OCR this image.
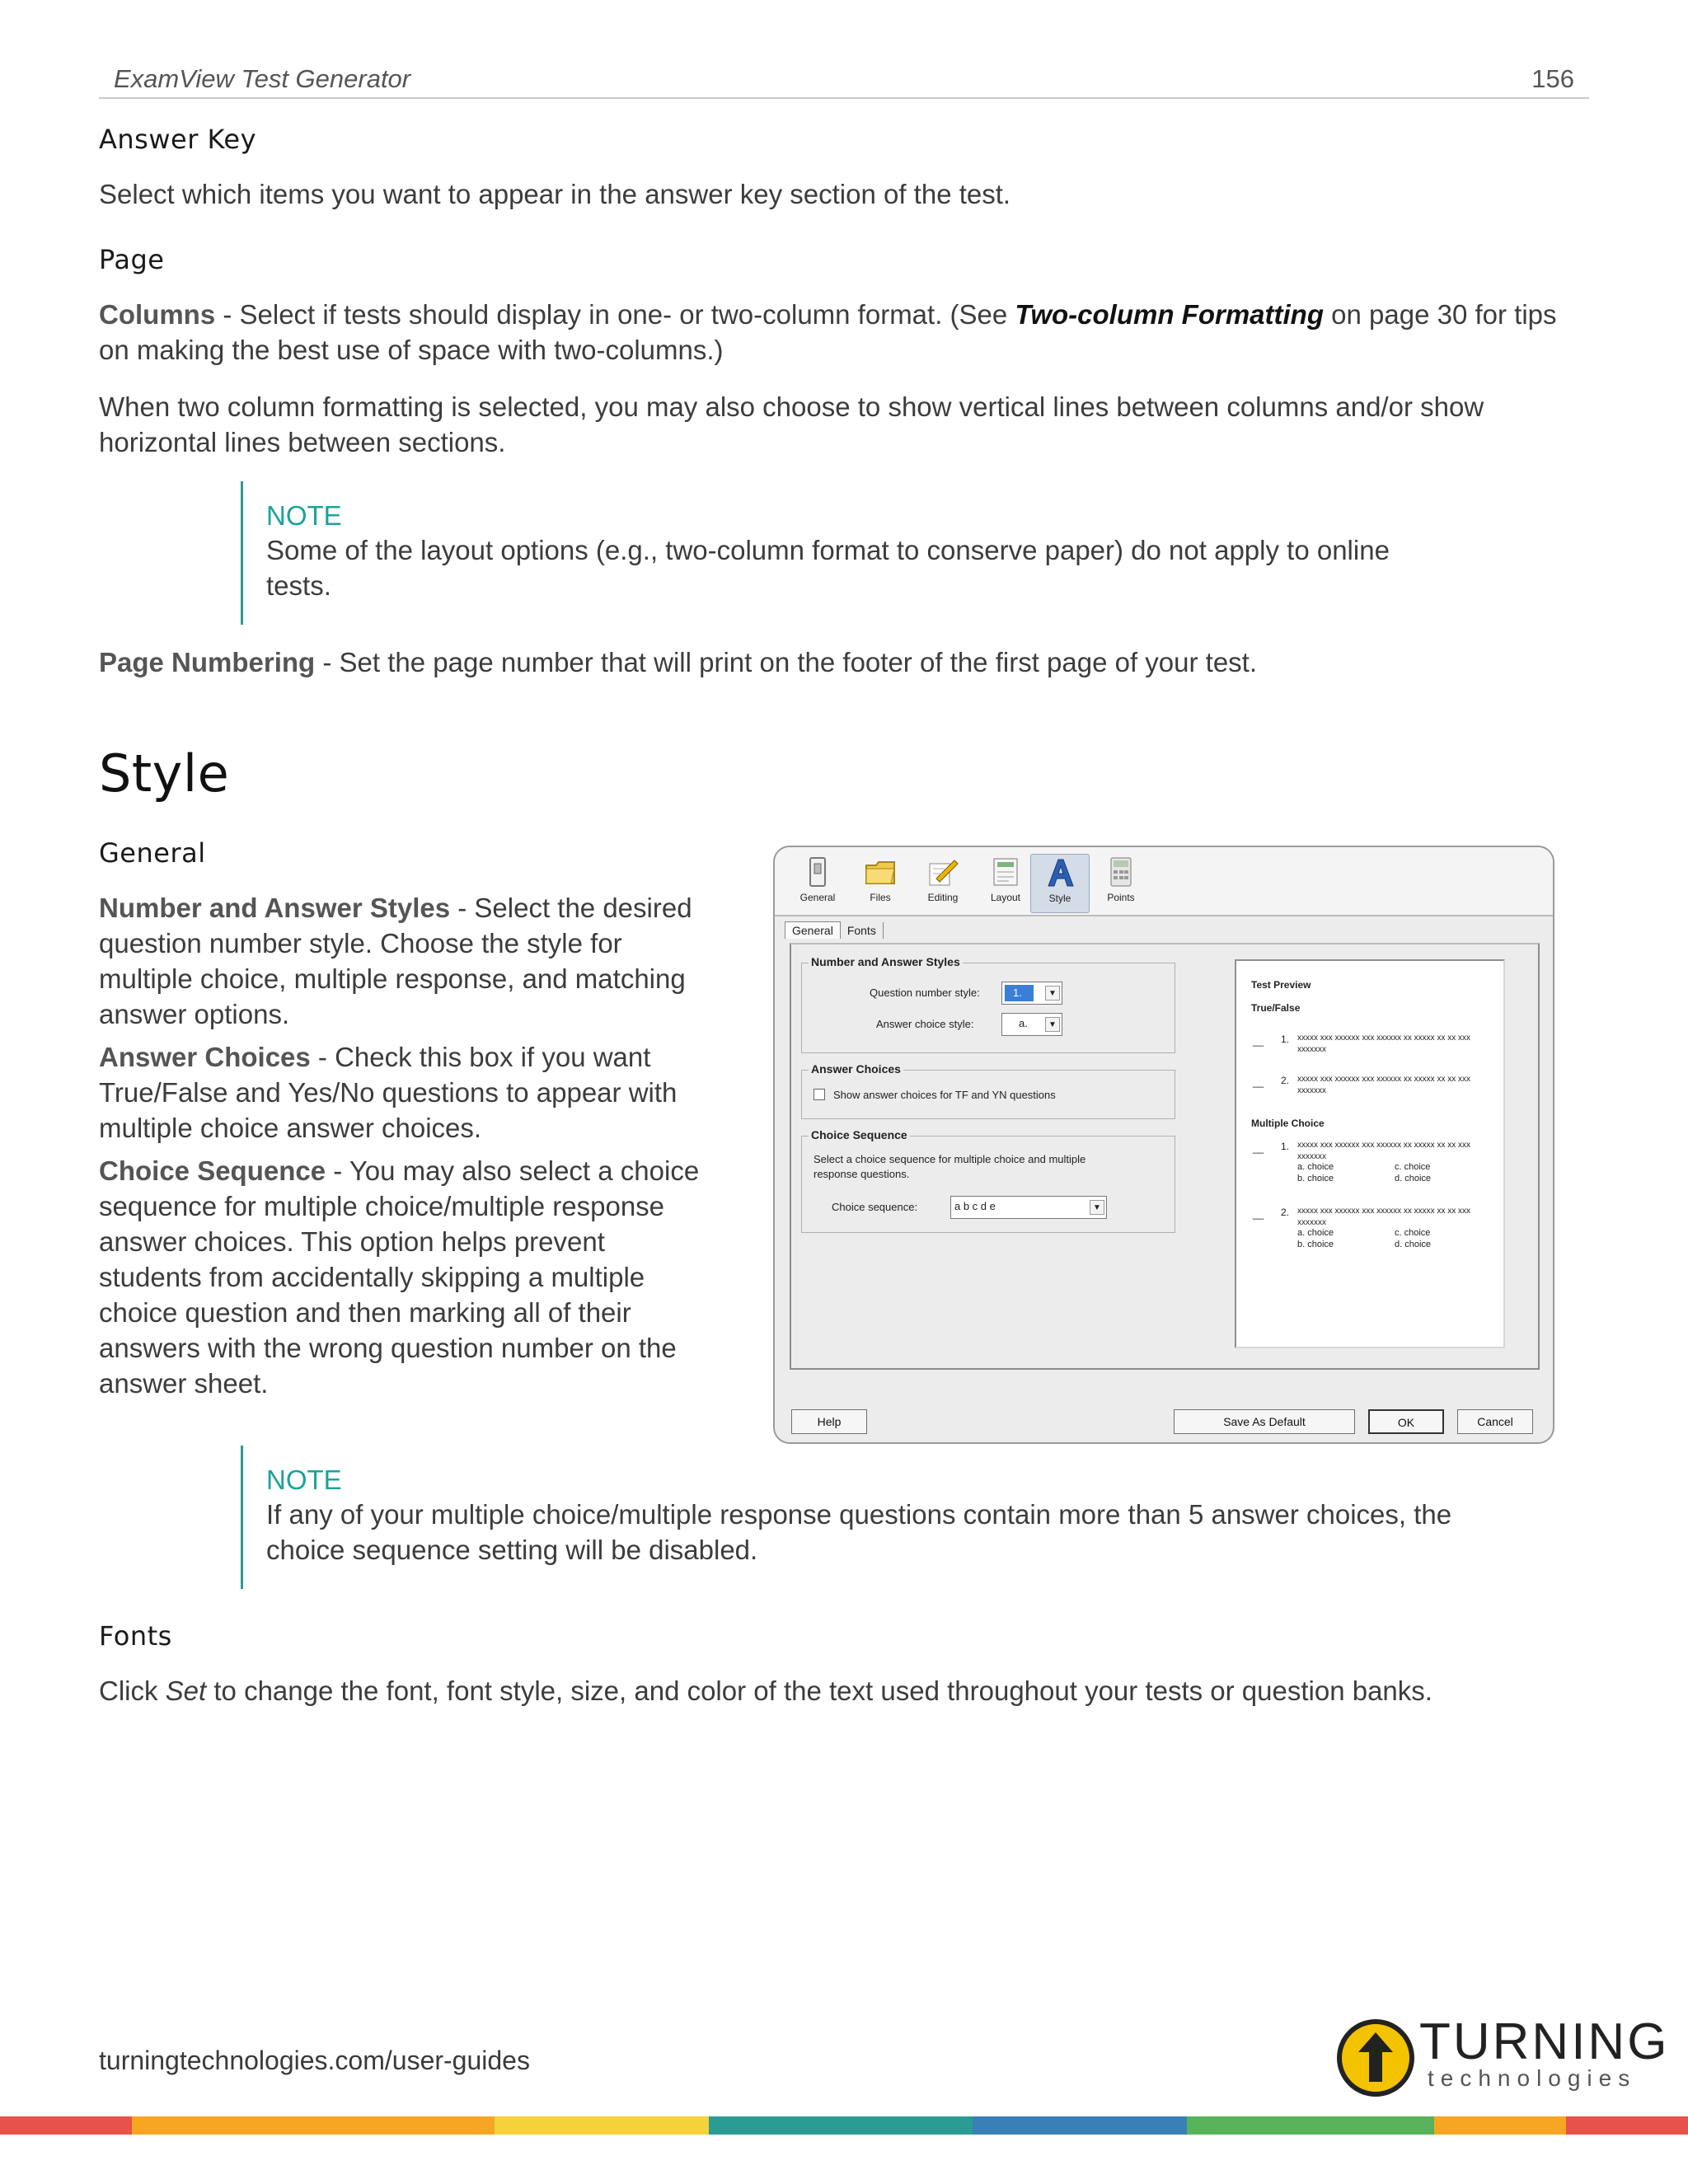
ExamView Test Generator	156
Answer Key

Select which items you want to appear in the answer key section of the test.

Page

Columns - Select if tests should display in one- or two-column format. (See Two-column Formatting on page 30 for tips on making the best use of space with two-columns.)

When two column formatting is selected, you may also choose to show vertical lines between columns and/or show horizontal lines between sections.

NOTE
Some of the layout options (e.g., two-column format to conserve paper) do not apply to online tests.

Page Numbering - Set the page number that will print on the footer of the first page of your test.

Style
General

Number and Answer Styles - Select the desired question number style. Choose the style for multiple choice, multiple response, and matching answer options.

Answer Choices - Check this box if you want True/False and Yes/No questions to appear with multiple choice answer choices.

Choice Sequence - You may also select a choice sequence for multiple choice/multiple response answer choices. This option helps prevent students from accidentally skipping a multiple choice question and then marking all of their answers with the wrong question number on the answer sheet.

General	Files	Editing	Layout	Style	Points
General Fonts
Number and Answer Styles
Question number style:	1.	▼
Answer choice style:	a.	▼
Answer Choices
Show answer choices for TF and YN questions
Choice Sequence
Select a choice sequence for multiple choice and multiple
response questions.
Choice sequence:	a b c d e	▼
Test Preview
True/False
__ 1. xxxxx xxx xxxxxx xxx xxxxxx xx xxxxx xx xx xxx
xxxxxxx
__ 2. xxxxx xxx xxxxxx xxx xxxxxx xx xxxxx xx xx xxx
xxxxxxx
Multiple Choice
__ 1. xxxxx xxx xxxxxx xxx xxxxxx xx xxxxx xx xx xxx
xxxxxxx
a. choice	c. choice
b. choice	d. choice
__ 2. xxxxx xxx xxxxxx xxx xxxxxx xx xxxxx xx xx xxx
xxxxxxx
a. choice	c. choice
b. choice	d. choice
Help	Save As Default	OK	Cancel
NOTE
If any of your multiple choice/multiple response questions contain more than 5 answer choices, the choice sequence setting will be disabled.
Fonts

Click Set to change the font, font style, size, and color of the text used throughout your tests or question banks.

turningtechnologies.com/user-guides	TURNING
technologies
